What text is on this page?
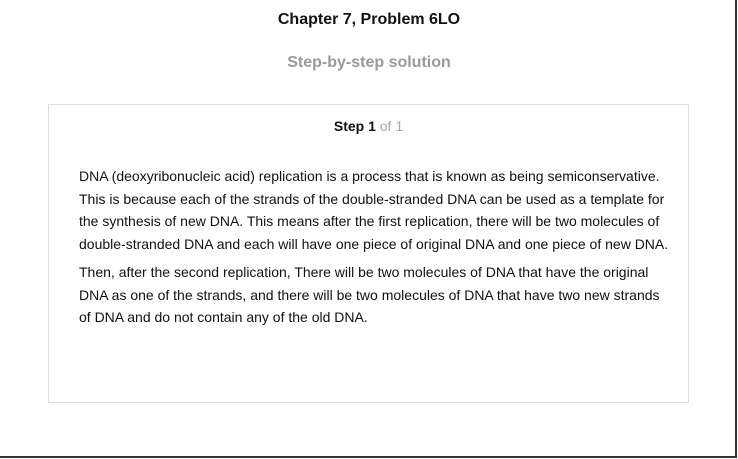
Chapter 7, Problem 6LO
Step-by-step solution
Step 1 of 1

DNA (deoxyribonucleic acid) replication is a process that is known as being semiconservative. This is because each of the strands of the double-stranded DNA can be used as a template for the synthesis of new DNA. This means after the first replication, there will be two molecules of double-stranded DNA and each will have one piece of original DNA and one piece of new DNA.

Then, after the second replication, There will be two molecules of DNA that have the original DNA as one of the strands, and there will be two molecules of DNA that have two new strands of DNA and do not contain any of the old DNA.
